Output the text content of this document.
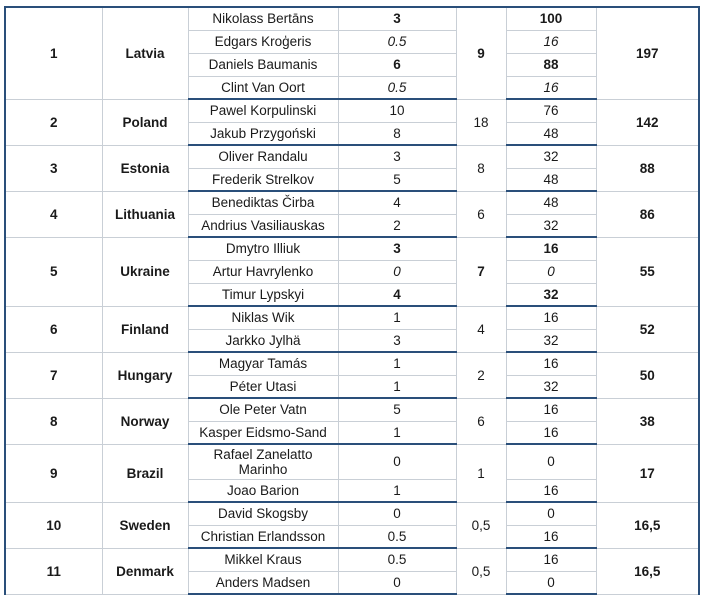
1	Latvia	Nikolass Bertāns	3	9	100	197
		Edgars Kroģeris	0.5		16	
		Daniels Baumanis	6		88	
		Clint Van Oort	0.5		16	
2	Poland	Pawel Korpulinski	10	18	76	142
		Jakub Przygoński	8		48	
3	Estonia	Oliver Randalu	3	8	32	88
		Frederik Strelkov	5		48	
4	Lithuania	Benediktas Čirba	4	6	48	86
		Andrius Vasiliauskas	2		32	
5	Ukraine	Dmytro Illiuk	3	7	16	55
		Artur Havrylenko	0		0	
		Timur Lypskyi	4		32	
6	Finland	Niklas Wik	1	4	16	52
		Jarkko Jylhä	3		32	
7	Hungary	Magyar Tamás	1	2	16	50
		Péter Utasi	1		32	
8	Norway	Ole Peter Vatn	5	6	16	38
		Kasper Eidsmo-Sand	1		16	
9	Brazil	Rafael Zanelatto Marinho	0	1	0	17
		Joao Barion	1		16	
10	Sweden	David Skogsby	0	0,5	0	16,5
		Christian Erlandsson	0.5		16	
11	Denmark	Mikkel Kraus	0.5	0,5	16	16,5
		Anders Madsen	0		0	
